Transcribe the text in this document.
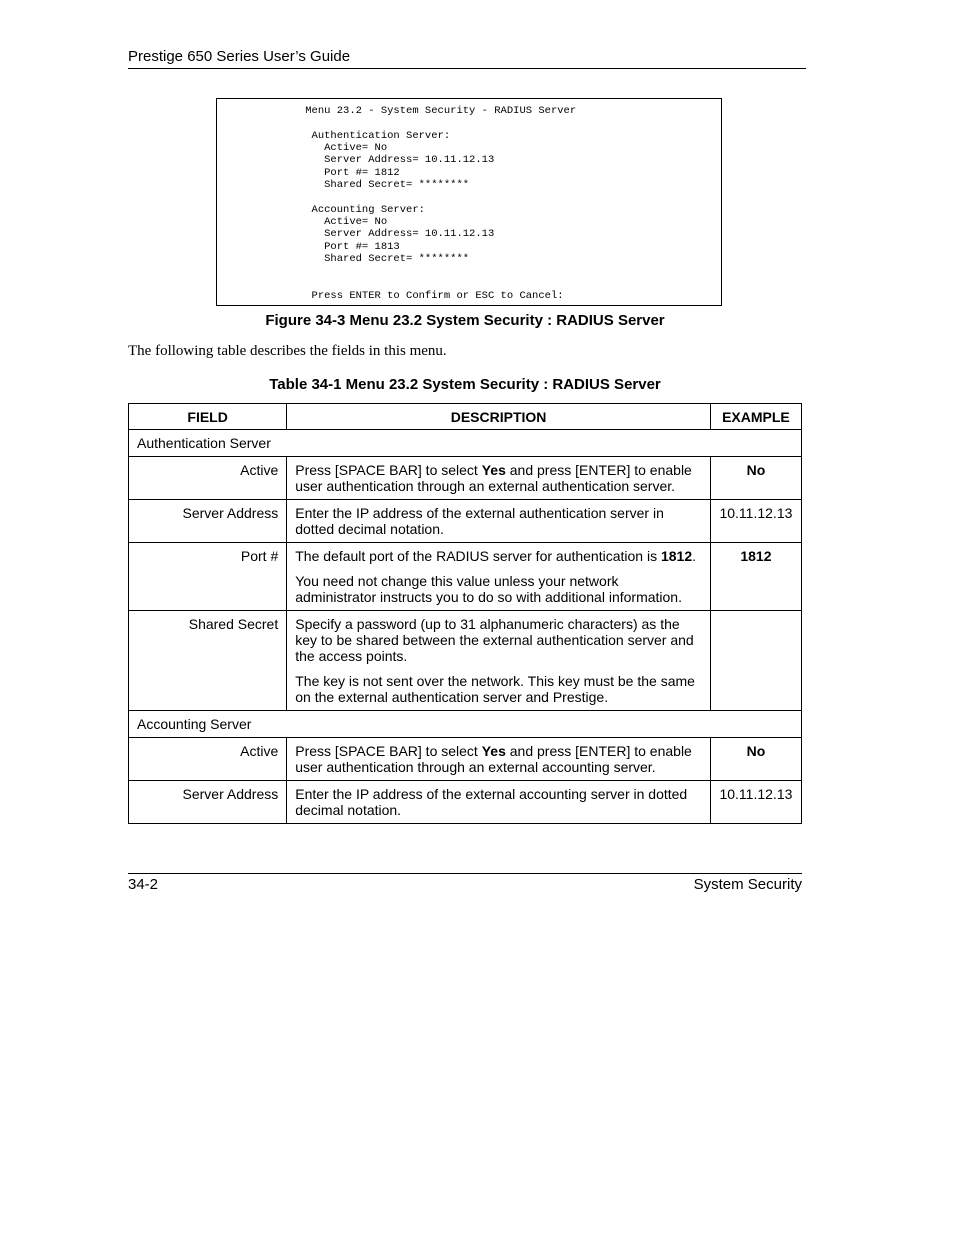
Prestige 650 Series User’s Guide
Menu 23.2 - System Security - RADIUS Server

Authentication Server:
Active= No
Server Address= 10.11.12.13
Port #= 1812
Shared Secret= ********

Accounting Server:
Active= No
Server Address= 10.11.12.13
Port #= 1813
Shared Secret= ********

Press ENTER to Confirm or ESC to Cancel:
Figure 34-3 Menu 23.2 System Security : RADIUS Server
The following table describes the fields in this menu.
Table 34-1 Menu 23.2 System Security : RADIUS Server
FIELD	DESCRIPTION	EXAMPLE
Authentication Server		
Active	Press [SPACE BAR] to select Yes and press [ENTER] to enable user authentication through an external authentication server.	No
Server Address	Enter the IP address of the external authentication server in dotted decimal notation.	10.11.12.13
Port #	The default port of the RADIUS server for authentication is 1812.

You need not change this value unless your network administrator instructs you to do so with additional information.	1812
Shared Secret	Specify a password (up to 31 alphanumeric characters) as the key to be shared between the external authentication server and the access points.

The key is not sent over the network. This key must be the same on the external authentication server and Prestige.	

Accounting Server		
Active	Press [SPACE BAR] to select Yes and press [ENTER] to enable user authentication through an external accounting server.	No
Server Address	Enter the IP address of the external accounting server in dotted decimal notation.	10.11.12.13
34-2	System Security
